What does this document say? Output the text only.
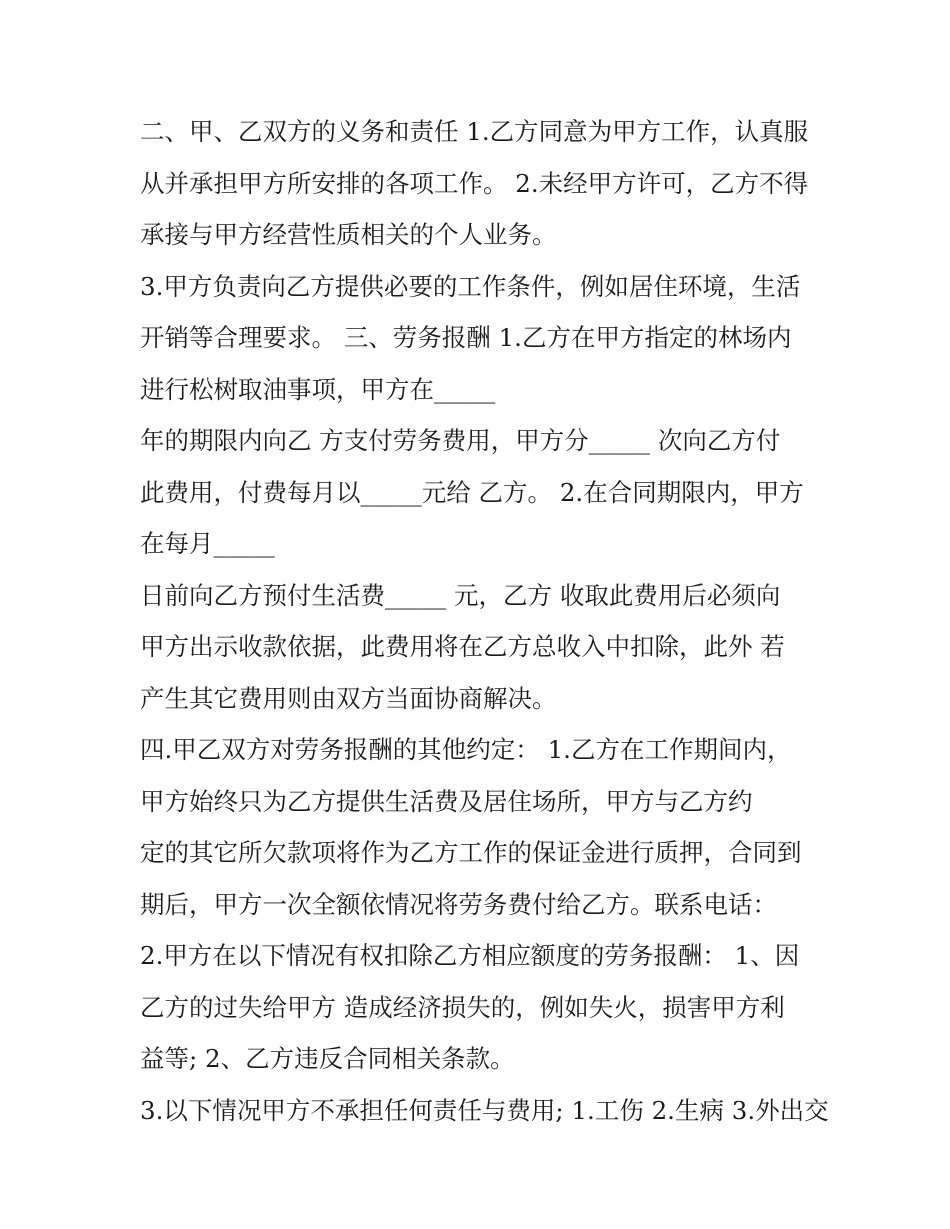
二、甲、乙双方的义务和责任 1.乙方同意为甲方工作，认真服
从并承担甲方所安排的各项工作。 2.未经甲方许可，乙方不得
承接与甲方经营性质相关的个人业务。
3.甲方负责向乙方提供必要的工作条件，例如居住环境，生活
开销等合理要求。 三、劳务报酬 1.乙方在甲方指定的林场内
进行松树取油事项，甲方在_____
年的期限内向乙 方支付劳务费用，甲方分_____ 次向乙方付
此费用，付费每月以_____元给 乙方。 2.在合同期限内，甲方
在每月_____
日前向乙方预付生活费_____ 元，乙方 收取此费用后必须向
甲方出示收款依据，此费用将在乙方总收入中扣除，此外 若
产生其它费用则由双方当面协商解决。
四.甲乙双方对劳务报酬的其他约定： 1.乙方在工作期间内，
甲方始终只为乙方提供生活费及居住场所，甲方与乙方约
定的其它所欠款项将作为乙方工作的保证金进行质押，合同到
期后，甲方一次全额依情况将劳务费付给乙方。联系电话：
2.甲方在以下情况有权扣除乙方相应额度的劳务报酬： 1、因
乙方的过失给甲方 造成经济损失的，例如失火，损害甲方利
益等; 2、乙方违反合同相关条款。
3.以下情况甲方不承担任何责任与费用; 1.工伤 2.生病 3.外出交
